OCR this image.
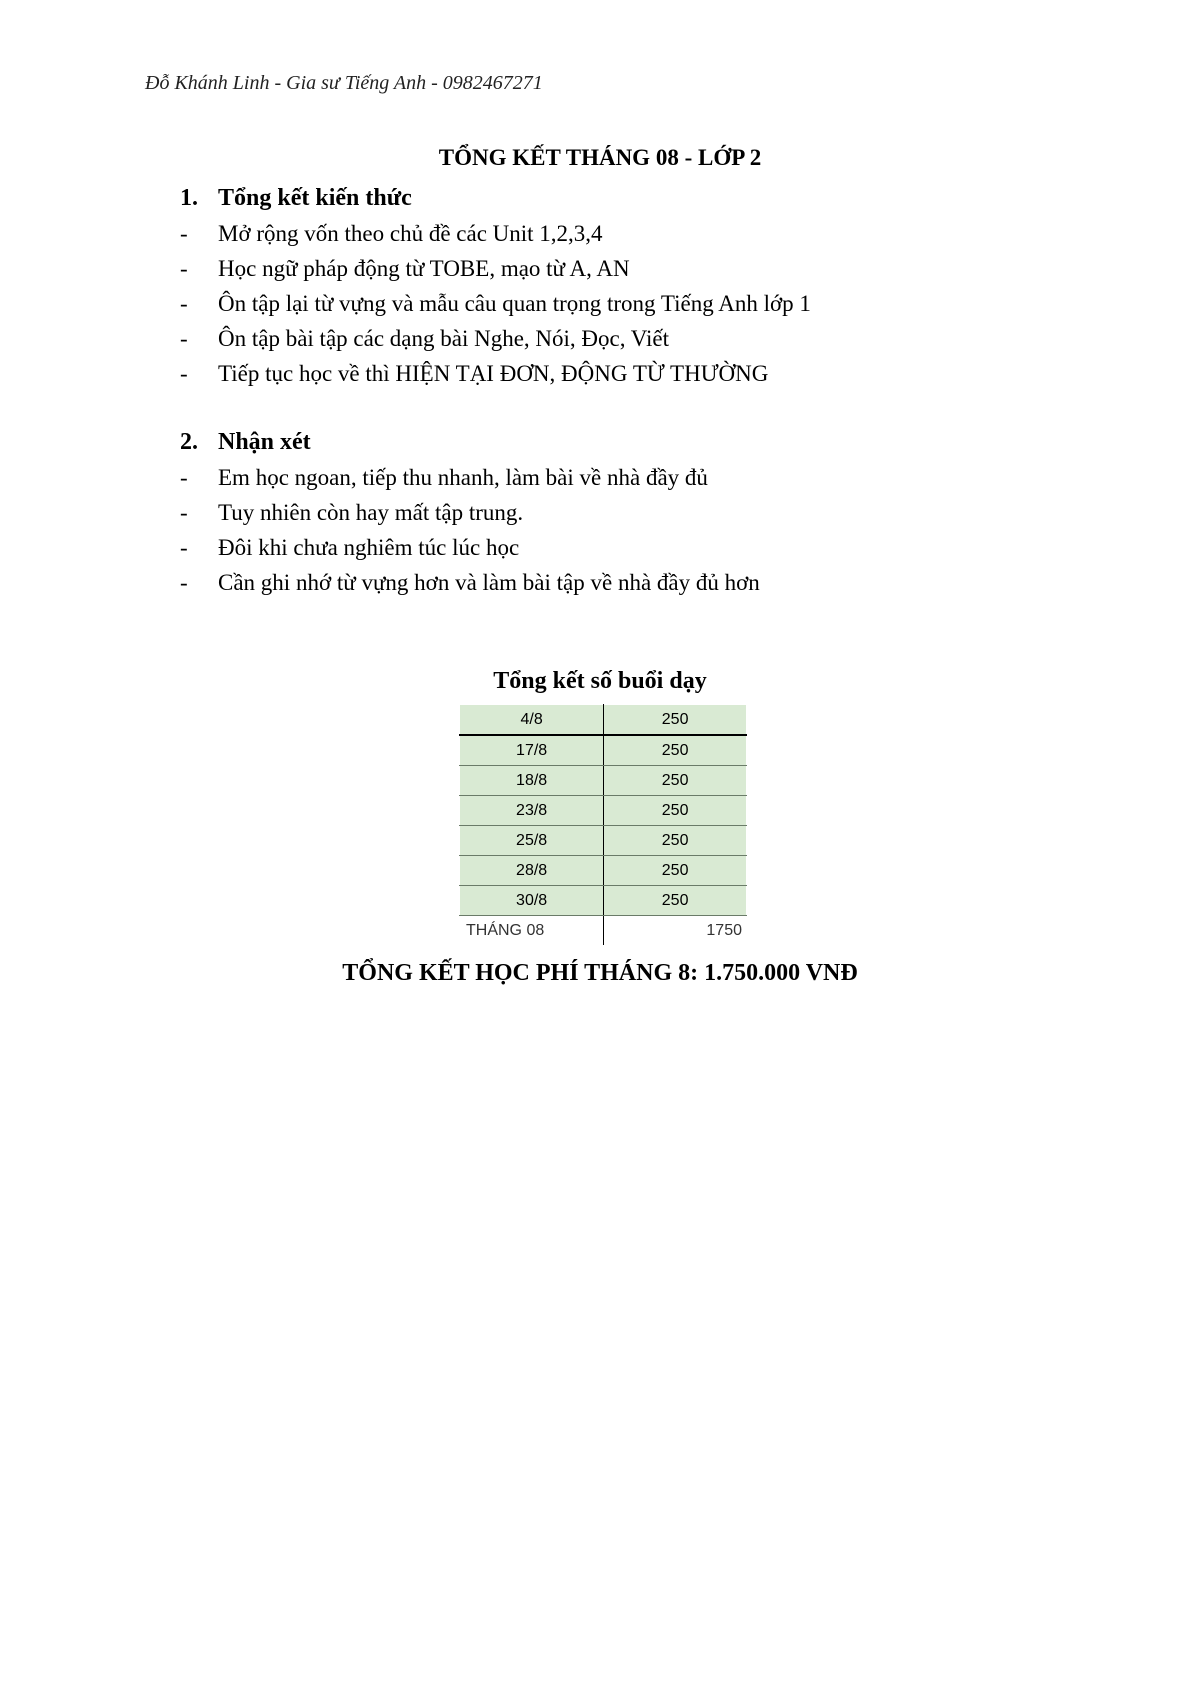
Đỗ Khánh Linh - Gia sư Tiếng Anh - 0982467271
TỔNG KẾT THÁNG 08 - LỚP 2
1. Tổng kết kiến thức
-	Mở rộng vốn theo chủ đề các Unit 1,2,3,4
-	Học ngữ pháp động từ TOBE, mạo từ A, AN
-	Ôn tập lại từ vựng và mẫu câu quan trọng trong Tiếng Anh lớp 1
-	Ôn tập bài tập các dạng bài Nghe, Nói, Đọc, Viết
-	Tiếp tục học về thì HIỆN TẠI ĐƠN, ĐỘNG TỪ THƯỜNG
2. Nhận xét
-	Em học ngoan, tiếp thu nhanh, làm bài về nhà đầy đủ
-	Tuy nhiên còn hay mất tập trung.
-	Đôi khi chưa nghiêm túc lúc học
-	Cần ghi nhớ từ vựng hơn và làm bài tập về nhà đầy đủ hơn
Tổng kết số buổi dạy
4/8	250
17/8	250
18/8	250
23/8	250
25/8	250
28/8	250
30/8	250
THÁNG 08	1750
TỔNG KẾT HỌC PHÍ THÁNG 8: 1.750.000 VNĐ
